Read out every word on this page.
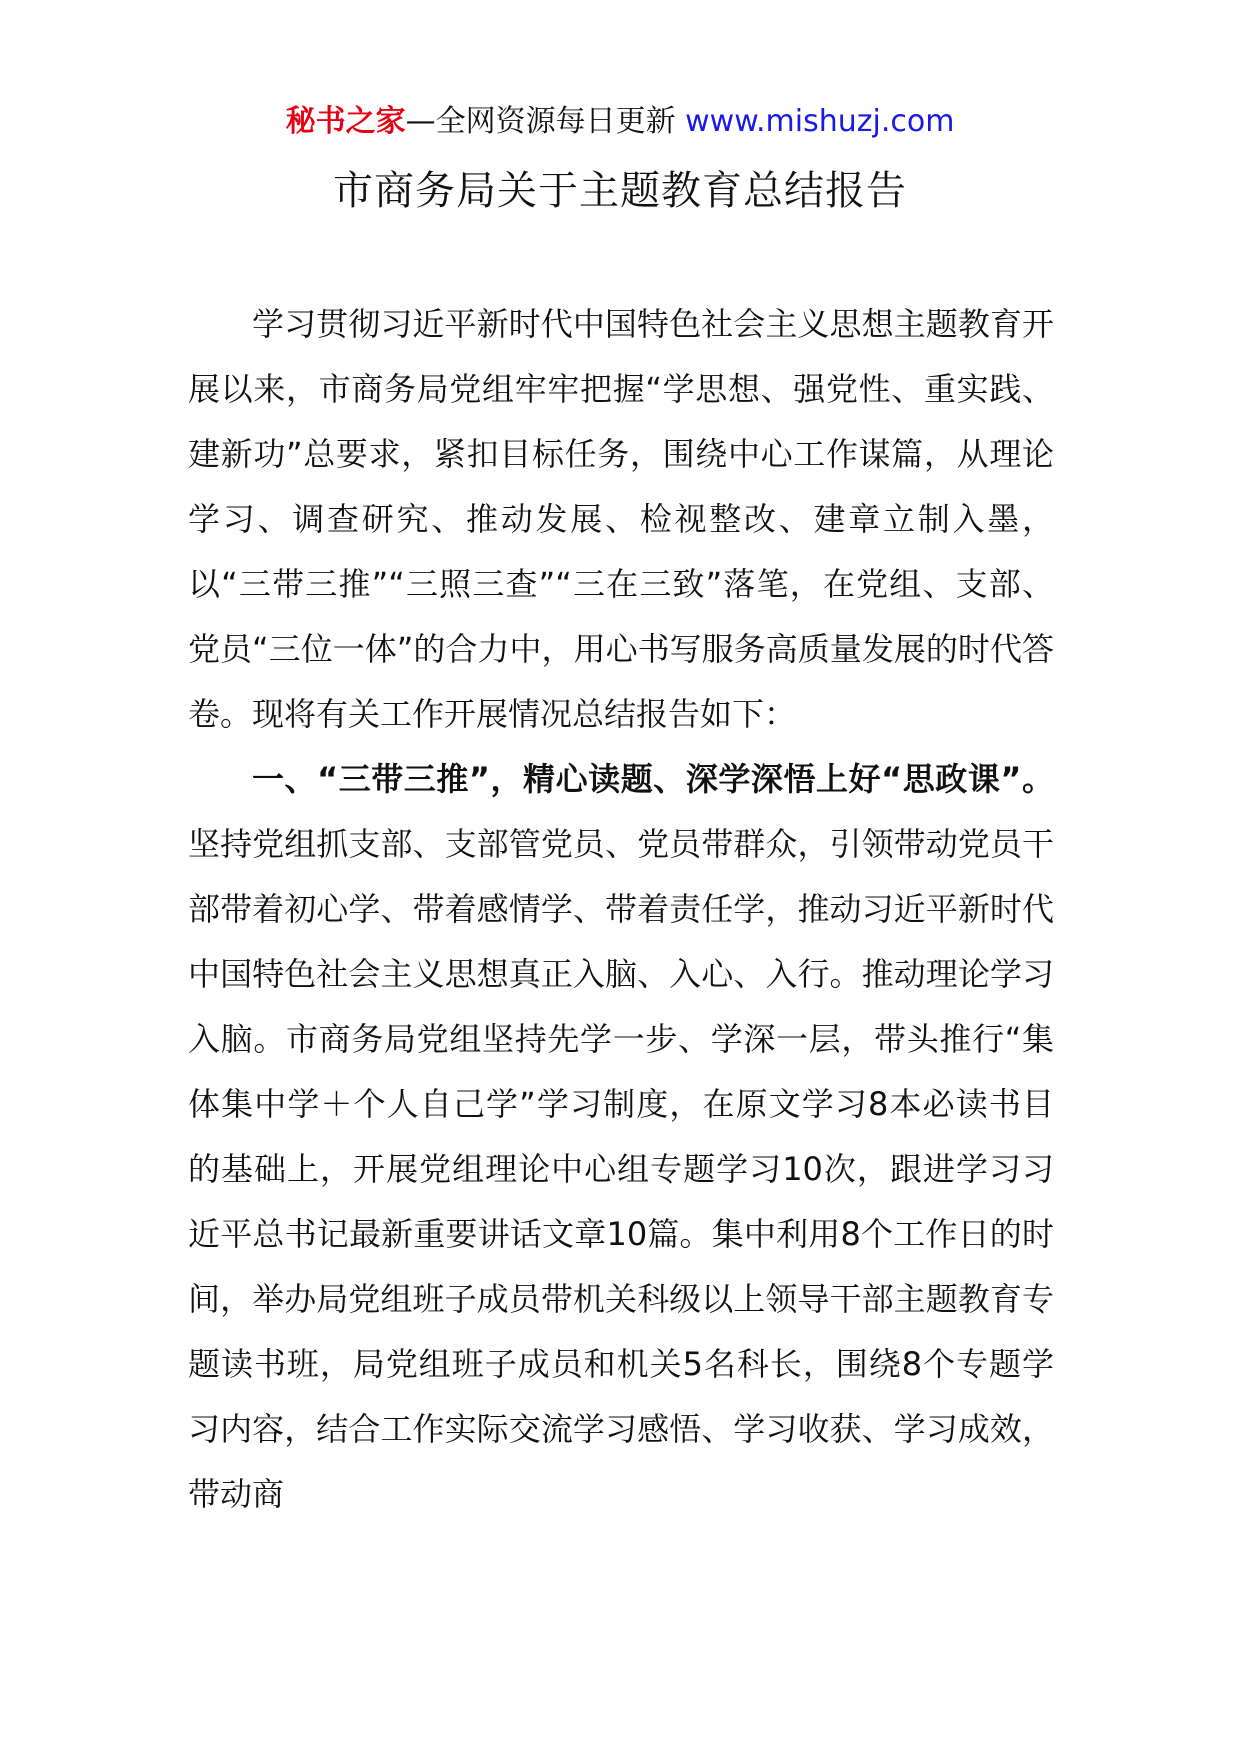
秘书之家—全网资源每日更新 www.mishuzj.com
市商务局关于主题教育总结报告

学习贯彻习近平新时代中国特色社会主义思想主题教育开展以来，市商务局党组牢牢把握“学思想、强党性、重实践、建新功”总要求，紧扣目标任务，围绕中心工作谋篇，从理论学习、调查研究、推动发展、检视整改、建章立制入墨，以“三带三推”“三照三查”“三在三致”落笔，在党组、支部、党员“三位一体”的合力中，用心书写服务高质量发展的时代答卷。现将有关工作开展情况总结报告如下：

一、“三带三推”，精心读题、深学深悟上好“思政课”。坚持党组抓支部、支部管党员、党员带群众，引领带动党员干部带着初心学、带着感情学、带着责任学，推动习近平新时代中国特色社会主义思想真正入脑、入心、入行。推动理论学习入脑。市商务局党组坚持先学一步、学深一层，带头推行“集体集中学＋个人自己学”学习制度，在原文学习8本必读书目的基础上，开展党组理论中心组专题学习10次，跟进学习习近平总书记最新重要讲话文章10篇。集中利用8个工作日的时间，举办局党组班子成员带机关科级以上领导干部主题教育专题读书班，局党组班子成员和机关5名科长，围绕8个专题学习内容，结合工作实际交流学习感悟、学习收获、学习成效，带动商
